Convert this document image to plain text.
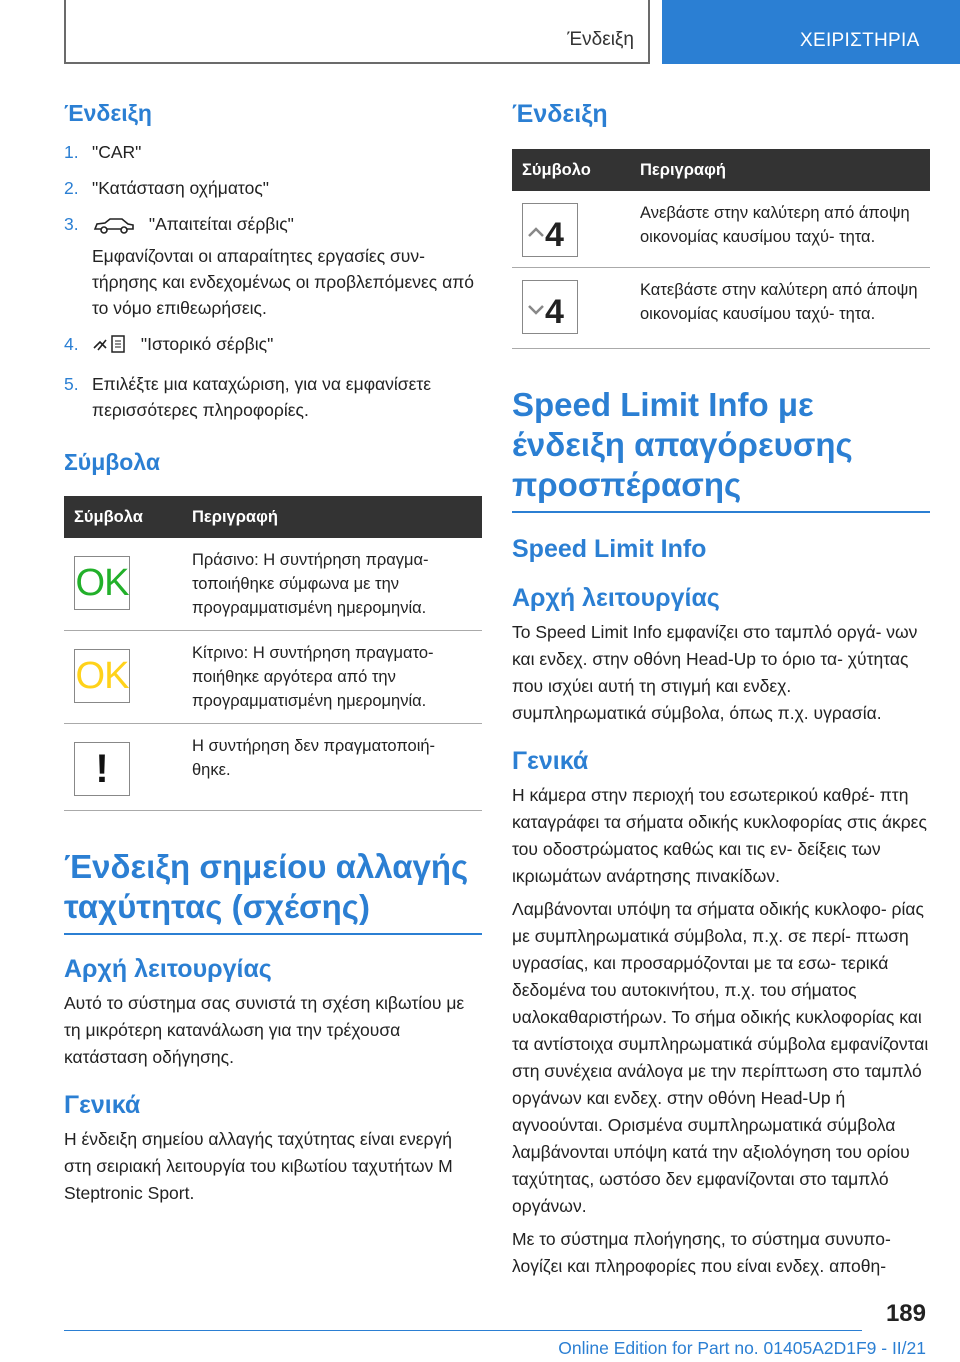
Ένδειξη	ΧΕΙΡΙΣΤΗΡΙΑ
Ένδειξη
1. "CAR"
2. "Κατάσταση οχήματος"
3.	"Απαιτείται σέρβις"
Εμφανίζονται οι απαραίτητες εργασίες συν‐ τήρησης και ενδεχομένως οι προβλεπόμενες από το νόμο επιθεωρήσεις.
4.	"Ιστορικό σέρβις"
5. Επιλέξτε μια καταχώριση, για να εμφανίσετε περισσότερες πληροφορίες.
Σύμβολα
Σύμβολα	Περιγραφή

OK	Πράσινο: Η συντήρηση πραγμα‐ τοποιήθηκε σύμφωνα με την προγραμματισμένη ημερομηνία.

OK	Κίτρινο: Η συντήρηση πραγματο‐ ποιήθηκε αργότερα από την προγραμματισμένη ημερομηνία.

!	Η συντήρηση δεν πραγματοποιή‐ θηκε.
Ένδειξη σημείου αλλαγής ταχύτητας (σχέσης)
Αρχή λειτουργίας

Αυτό το σύστημα σας συνιστά τη σχέση κιβωτίου με τη μικρότερη κατανάλωση για την τρέχουσα κατάσταση οδήγησης.

Γενικά

Η ένδειξη σημείου αλλαγής ταχύτητας είναι ενεργή στη σειριακή λειτουργία του κιβωτίου ταχυτήτων M Steptronic Sport.

Ένδειξη
Σύμβολο	Περιγραφή

4	Ανεβάστε στην καλύτερη από άποψη οικονομίας καυσίμου ταχύ‐ τητα.

4	Κατεβάστε στην καλύτερη από άποψη οικονομίας καυσίμου ταχύ‐ τητα.
Speed Limit Info με ένδειξη απαγόρευσης προσπέρασης
Speed Limit Info
Αρχή λειτουργίας

Το Speed Limit Info εμφανίζει στο ταμπλό οργά‐ νων και ενδεχ. στην οθόνη Head-Up το όριο τα‐ χύτητας που ισχύει αυτή τη στιγμή και ενδεχ. συμπληρωματικά σύμβολα, όπως π.χ. υγρασία.

Γενικά

Η κάμερα στην περιοχή του εσωτερικού καθρέ‐ πτη καταγράφει τα σήματα οδικής κυκλοφορίας στις άκρες του οδοστρώματος καθώς και τις εν‐ δείξεις των ικριωμάτων ανάρτησης πινακίδων.

Λαμβάνονται υπόψη τα σήματα οδικής κυκλοφο‐ ρίας με συμπληρωματικά σύμβολα, π.χ. σε περί‐ πτωση υγρασίας, και προσαρμόζονται με τα εσω‐ τερικά δεδομένα του αυτοκινήτου, π.χ. του σήματος υαλοκαθαριστήρων. Το σήμα οδικής κυκλοφορίας και τα αντίστοιχα συμπληρωματικά σύμβολα εμφανίζονται στη συνέχεια ανάλογα με την περίπτωση στο ταμπλό οργάνων και ενδεχ. στην οθόνη Head-Up ή αγνοούνται. Ορισμένα συμπληρωματικά σύμβολα λαμβάνονται υπόψη κατά την αξιολόγηση του ορίου ταχύτητας, ωστόσο δεν εμφανίζονται στο ταμπλό οργάνων.

Με το σύστημα πλοήγησης, το σύστημα συνυπο‐ λογίζει και πληροφορίες που είναι ενδεχ. αποθη‐

189
Online Edition for Part no. 01405A2D1F9 - II/21
